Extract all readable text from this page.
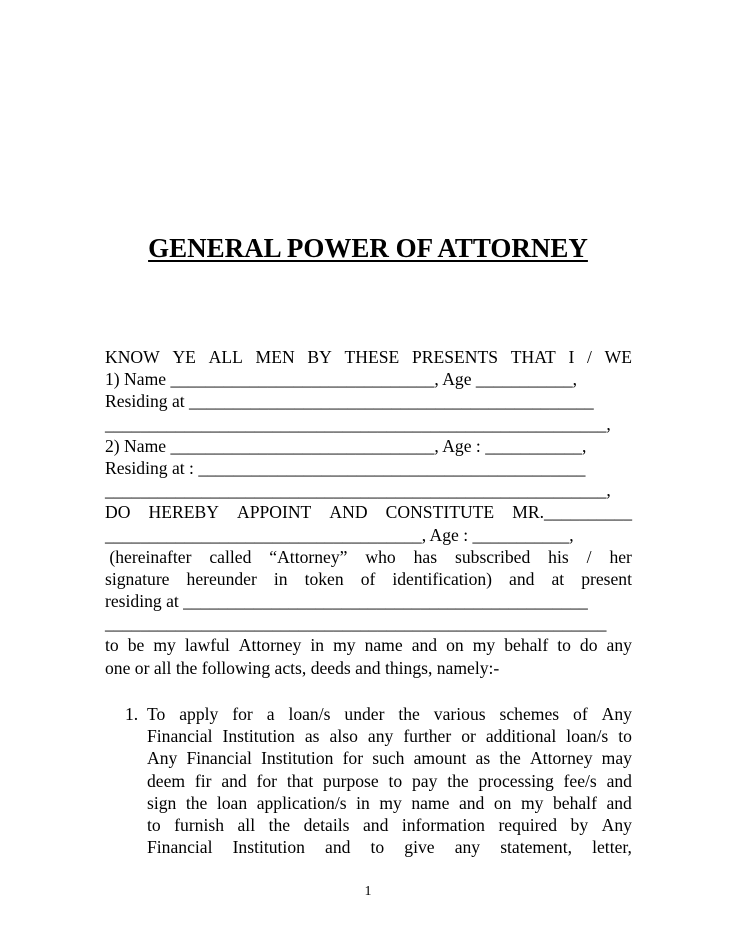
GENERAL POWER OF ATTORNEY
KNOW YE ALL MEN BY THESE PRESENTS THAT I / WE
1) Name ______________________________, Age ___________,
Residing at ______________________________________________
_________________________________________________________,
2) Name ______________________________, Age : ___________,
Residing at : ____________________________________________
_________________________________________________________,
DO HEREBY APPOINT AND CONSTITUTE MR.__________
____________________________________, Age : ___________,
(hereinafter called “Attorney” who has subscribed his / her
signature hereunder in token of identification) and at present
residing at ______________________________________________
_________________________________________________________
to be my lawful Attorney in my name and on my behalf to do any
one or all the following acts, deeds and things, namely:-
1. To apply for a loan/s under the various schemes of Any
Financial Institution as also any further or additional loan/s to
Any Financial Institution for such amount as the Attorney may
deem fir and for that purpose to pay the processing fee/s and
sign the loan application/s in my name and on my behalf and
to furnish all the details and information required by Any
Financial Institution and to give any statement, letter,
1
